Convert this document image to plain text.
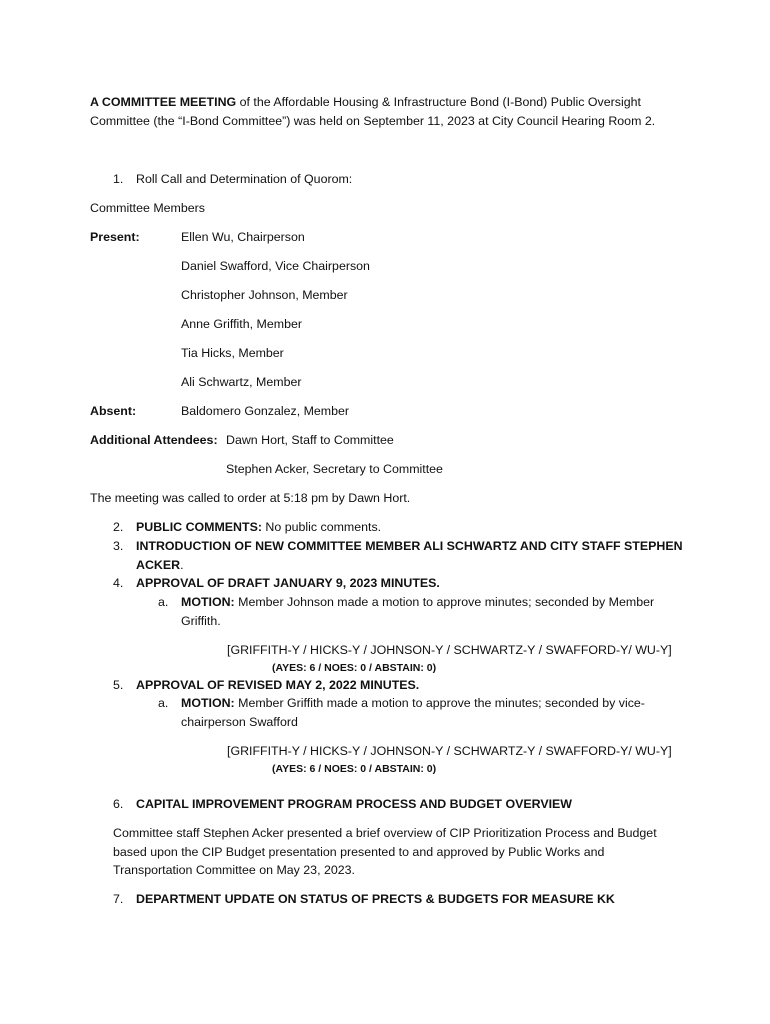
A COMMITTEE MEETING of the Affordable Housing & Infrastructure Bond (I-Bond) Public Oversight
Committee (the “I-Bond Committee”) was held on September 11, 2023 at City Council Hearing Room 2.
1. Roll Call and Determination of Quorom:
Committee Members
Present:	Ellen Wu, Chairperson
Daniel Swafford, Vice Chairperson
Christopher Johnson, Member
Anne Griffith, Member
Tia Hicks, Member
Ali Schwartz, Member
Absent:	Baldomero Gonzalez, Member
Additional Attendees: Dawn Hort, Staff to Committee
Stephen Acker, Secretary to Committee
The meeting was called to order at 5:18 pm by Dawn Hort.
2. PUBLIC COMMENTS: No public comments.
3. INTRODUCTION OF NEW COMMITTEE MEMBER ALI SCHWARTZ AND CITY STAFF STEPHEN
ACKER.
4. APPROVAL OF DRAFT JANUARY 9, 2023 MINUTES.
a. MOTION: Member Johnson made a motion to approve minutes; seconded by Member
Griffith.
[GRIFFITH-Y / HICKS-Y / JOHNSON-Y / SCHWARTZ-Y / SWAFFORD-Y/ WU-Y]
(AYES: 6 / NOES: 0 / ABSTAIN: 0)
5. APPROVAL OF REVISED MAY 2, 2022 MINUTES.
a. MOTION: Member Griffith made a motion to approve the minutes; seconded by vice-
chairperson Swafford
[GRIFFITH-Y / HICKS-Y / JOHNSON-Y / SCHWARTZ-Y / SWAFFORD-Y/ WU-Y]
(AYES: 6 / NOES: 0 / ABSTAIN: 0)
6. CAPITAL IMPROVEMENT PROGRAM PROCESS AND BUDGET OVERVIEW
Committee staff Stephen Acker presented a brief overview of CIP Prioritization Process and Budget
based upon the CIP Budget presentation presented to and approved by Public Works and
Transportation Committee on May 23, 2023.
7. DEPARTMENT UPDATE ON STATUS OF PRECTS & BUDGETS FOR MEASURE KK
